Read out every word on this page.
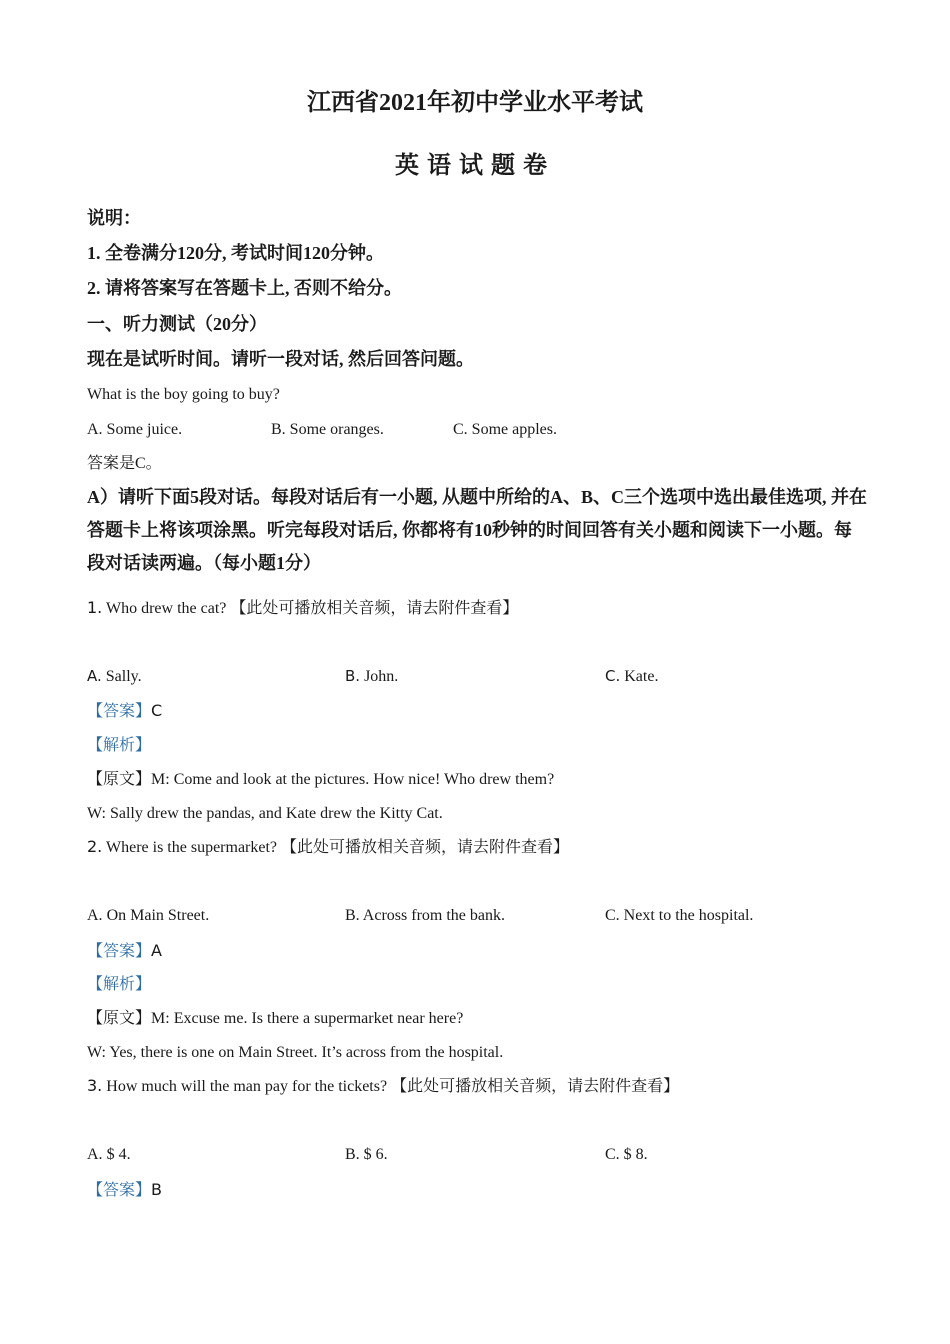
江西省2021年初中学业水平考试
英语试题卷
说明：
1. 全卷满分120分, 考试时间120分钟。
2. 请将答案写在答题卡上, 否则不给分。
一、听力测试（20分）
现在是试听时间。请听一段对话, 然后回答问题。
What is the boy going to buy?
A. Some juice.	B. Some oranges.	C. Some apples.
答案是C。
A）请听下面5段对话。每段对话后有一小题, 从题中所给的A、B、C三个选项中选出最佳选项, 并在答题卡上将该项涂黑。听完每段对话后, 你都将有10秒钟的时间回答有关小题和阅读下一小题。每段对话读两遍。（每小题1分）
1. Who drew the cat? 【此处可播放相关音频，请去附件查看】
A. Sally.	B. John.	C. Kate.
【答案】C
【解析】
【原文】M: Come and look at the pictures. How nice! Who drew them?
W: Sally drew the pandas, and Kate drew the Kitty Cat.
2. Where is the supermarket? 【此处可播放相关音频，请去附件查看】
A. On Main Street.	B. Across from the bank.	C. Next to the hospital.
【答案】A
【解析】
【原文】M: Excuse me. Is there a supermarket near here?
W: Yes, there is one on Main Street. It’s across from the hospital.
3. How much will the man pay for the tickets? 【此处可播放相关音频，请去附件查看】
A. $ 4.	B. $ 6.	C. $ 8.
【答案】B
